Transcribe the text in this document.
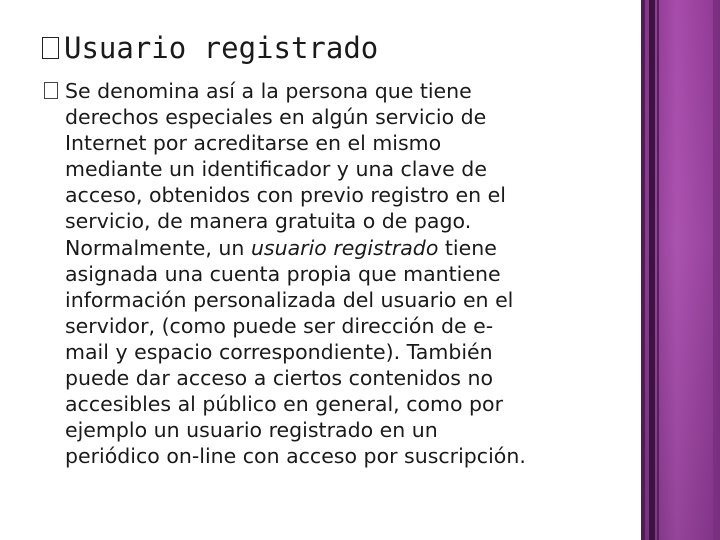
Usuario registrado

Se denomina así a la persona que tiene
derechos especiales en algún servicio de
Internet por acreditarse en el mismo
mediante un identificador y una clave de
acceso, obtenidos con previo registro en el
servicio, de manera gratuita o de pago.
Normalmente, un usuario registrado tiene
asignada una cuenta propia que mantiene
información personalizada del usuario en el
servidor, (como puede ser dirección de e-
mail y espacio correspondiente). También
puede dar acceso a ciertos contenidos no
accesibles al público en general, como por
ejemplo un usuario registrado en un
periódico on-line con acceso por suscripción.
